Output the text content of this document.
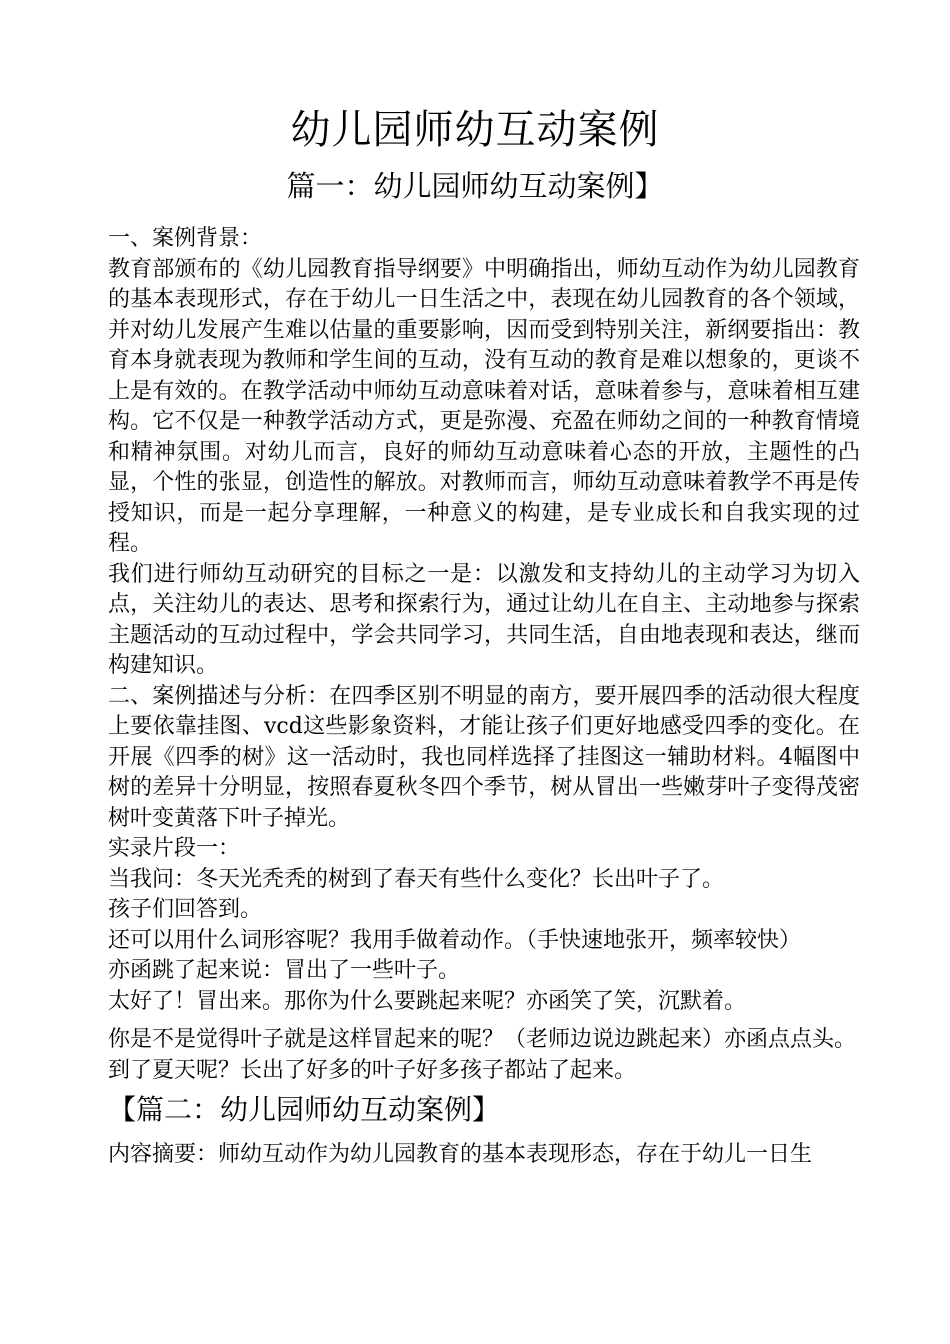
幼儿园师幼互动案例
篇一：幼儿园师幼互动案例】

一、案例背景：

教育部颁布的《幼儿园教育指导纲要》中明确指出，师幼互动作为幼儿园教育的基本表现形式，存在于幼儿一日生活之中，表现在幼儿园教育的各个领域，并对幼儿发展产生难以估量的重要影响，因而受到特别关注，新纲要指出：教育本身就表现为教师和学生间的互动，没有互动的教育是难以想象的，更谈不上是有效的。在教学活动中师幼互动意味着对话，意味着参与，意味着相互建构。它不仅是一种教学活动方式，更是弥漫、充盈在师幼之间的一种教育情境和精神氛围。对幼儿而言，良好的师幼互动意味着心态的开放，主题性的凸显，个性的张显，创造性的解放。对教师而言，师幼互动意味着教学不再是传授知识，而是一起分享理解，一种意义的构建，是专业成长和自我实现的过程。

我们进行师幼互动研究的目标之一是：以激发和支持幼儿的主动学习为切入点，关注幼儿的表达、思考和探索行为，通过让幼儿在自主、主动地参与探索主题活动的互动过程中，学会共同学习，共同生活，自由地表现和表达，继而构建知识。

二、案例描述与分析：在四季区别不明显的南方，要开展四季的活动很大程度上要依靠挂图、vcd这些影象资料，才能让孩子们更好地感受四季的变化。在开展《四季的树》这一活动时，我也同样选择了挂图这一辅助材料。4幅图中树的差异十分明显，按照春夏秋冬四个季节，树从冒出一些嫩芽叶子变得茂密树叶变黄落下叶子掉光。

实录片段一：

当我问：冬天光秃秃的树到了春天有些什么变化？长出叶子了。

孩子们回答到。

还可以用什么词形容呢？我用手做着动作。（手快速地张开，频率较快）

亦函跳了起来说：冒出了一些叶子。

太好了！冒出来。那你为什么要跳起来呢？亦函笑了笑，沉默着。

你是不是觉得叶子就是这样冒起来的呢？（老师边说边跳起来）亦函点点头。

到了夏天呢？长出了好多的叶子好多孩子都站了起来。

【篇二：幼儿园师幼互动案例】

内容摘要：师幼互动作为幼儿园教育的基本表现形态，存在于幼儿一日生
